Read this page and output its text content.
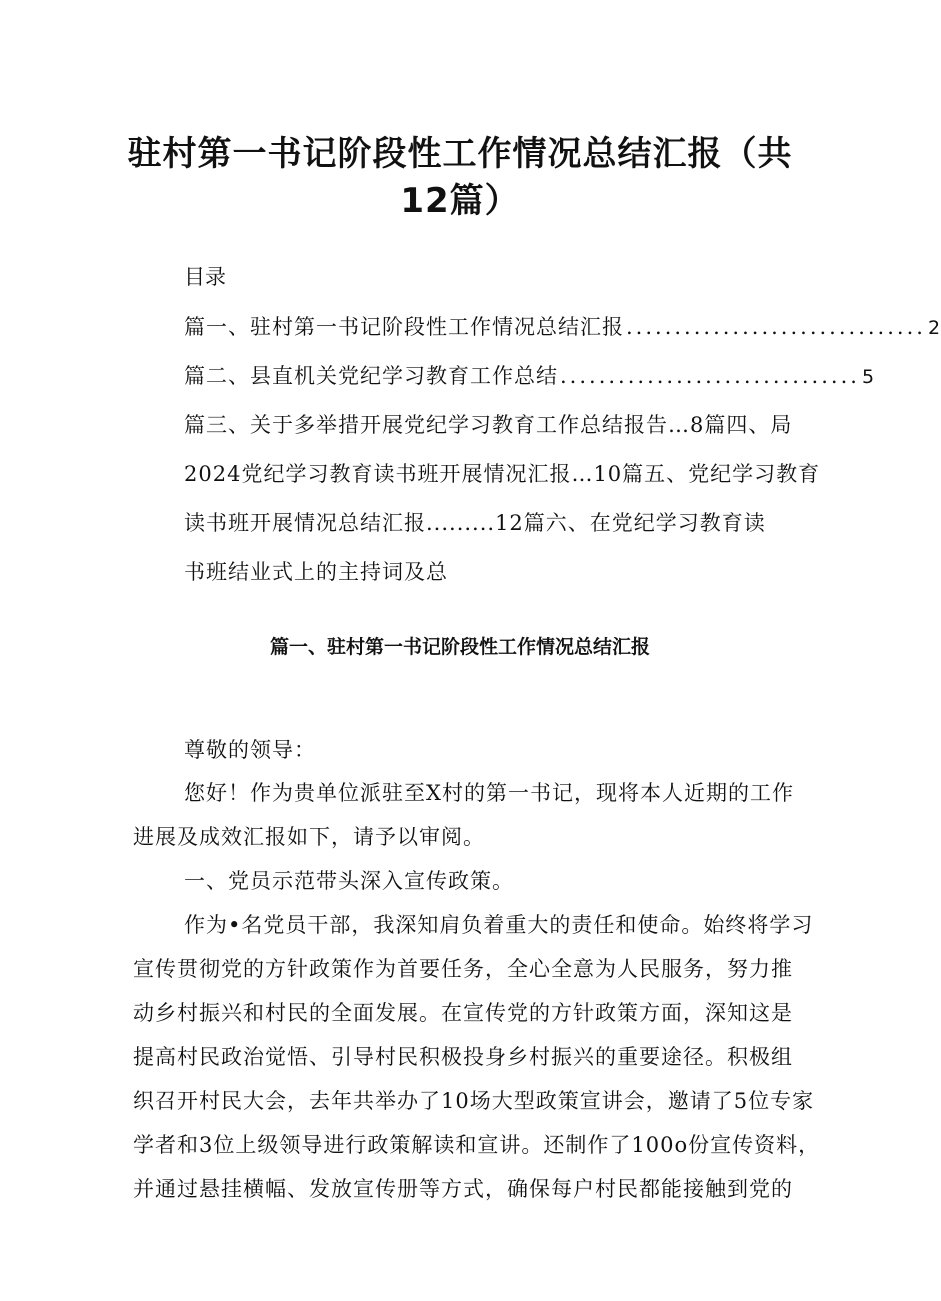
驻村第一书记阶段性工作情况总结汇报（共
12篇）
目录
篇一、驻村第一书记阶段性工作情况总结汇报 ............................... 2
篇二、县直机关党纪学习教育工作总结 ............................... 5
篇三、关于多举措开展党纪学习教育工作总结报告…8篇四、局
2024党纪学习教育读书班开展情况汇报…10篇五、党纪学习教育
读书班开展情况总结汇报.........12篇六、在党纪学习教育读
书班结业式上的主持词及总
篇一、驻村第一书记阶段性工作情况总结汇报
尊敬的领导：
您好！作为贵单位派驻至X村的第一书记，现将本人近期的工作
进展及成效汇报如下，请予以审阅。
一、党员示范带头深入宣传政策。
作为•名党员干部，我深知肩负着重大的责任和使命。始终将学习
宣传贯彻党的方针政策作为首要任务，全心全意为人民服务，努力推
动乡村振兴和村民的全面发展。在宣传党的方针政策方面，深知这是
提高村民政治觉悟、引导村民积极投身乡村振兴的重要途径。积极组
织召开村民大会，去年共举办了10场大型政策宣讲会，邀请了5位专家
学者和3位上级领导进行政策解读和宣讲。还制作了100o份宣传资料，
并通过悬挂横幅、发放宣传册等方式，确保每户村民都能接触到党的
